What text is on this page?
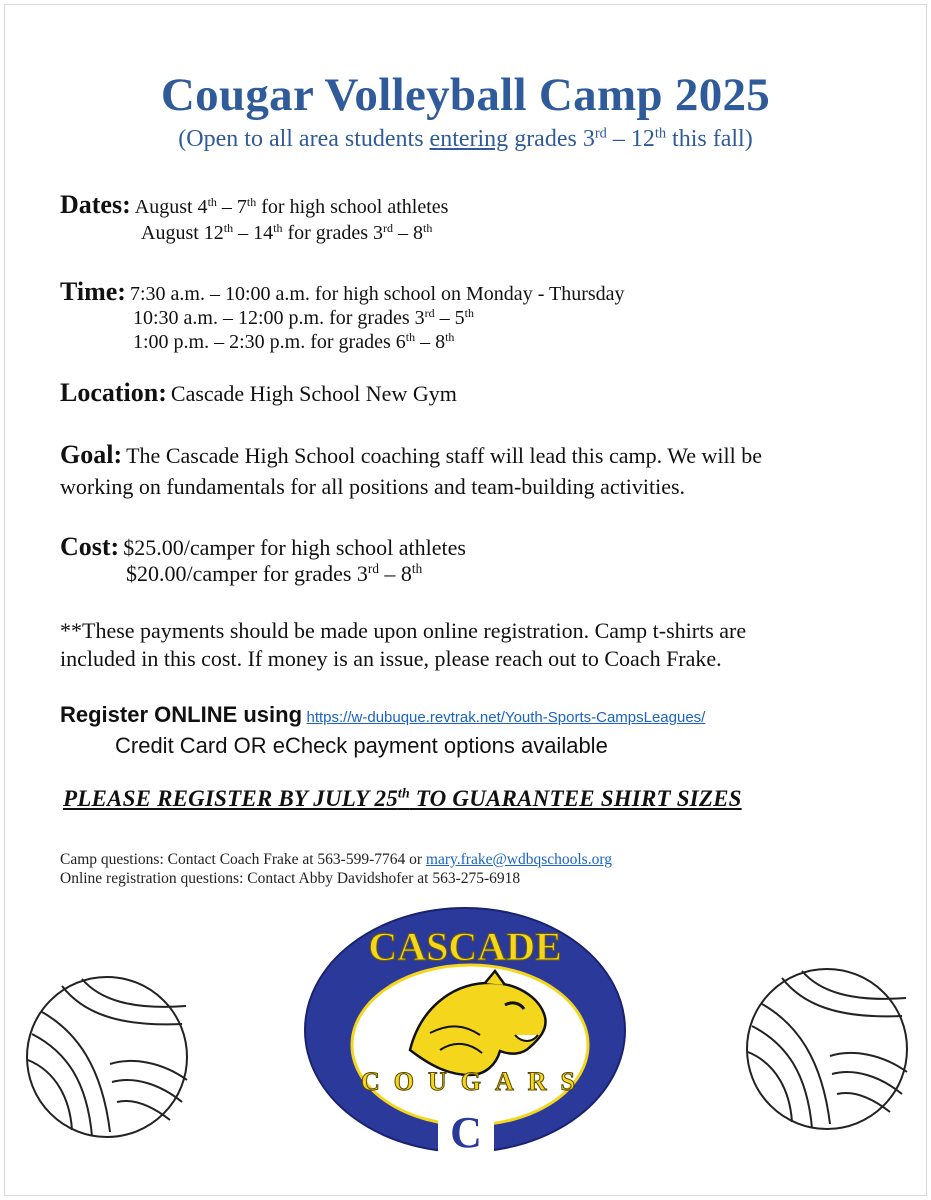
Cougar Volleyball Camp 2025
(Open to all area students entering grades 3rd – 12th this fall)
Dates: August 4th – 7th for high school athletes
August 12th – 14th for grades 3rd – 8th
Time: 7:30 a.m. – 10:00 a.m. for high school on Monday - Thursday
10:30 a.m. – 12:00 p.m. for grades 3rd – 5th
1:00 p.m. – 2:30 p.m. for grades 6th – 8th
Location: Cascade High School New Gym
Goal: The Cascade High School coaching staff will lead this camp. We will be
working on fundamentals for all positions and team-building activities.
Cost: $25.00/camper for high school athletes
$20.00/camper for grades 3rd – 8th
**These payments should be made upon online registration. Camp t-shirts are
included in this cost. If money is an issue, please reach out to Coach Frake.
Register ONLINE using https://w-dubuque.revtrak.net/Youth-Sports-CampsLeagues/
Credit Card OR eCheck payment options available
PLEASE REGISTER BY JULY 25th TO GUARANTEE SHIRT SIZES
Camp questions: Contact Coach Frake at 563-599-7764 or mary.frake@wdbqschools.org
Online registration questions: Contact Abby Davidshofer at 563-275-6918
CASCADE
COUGARS
C
